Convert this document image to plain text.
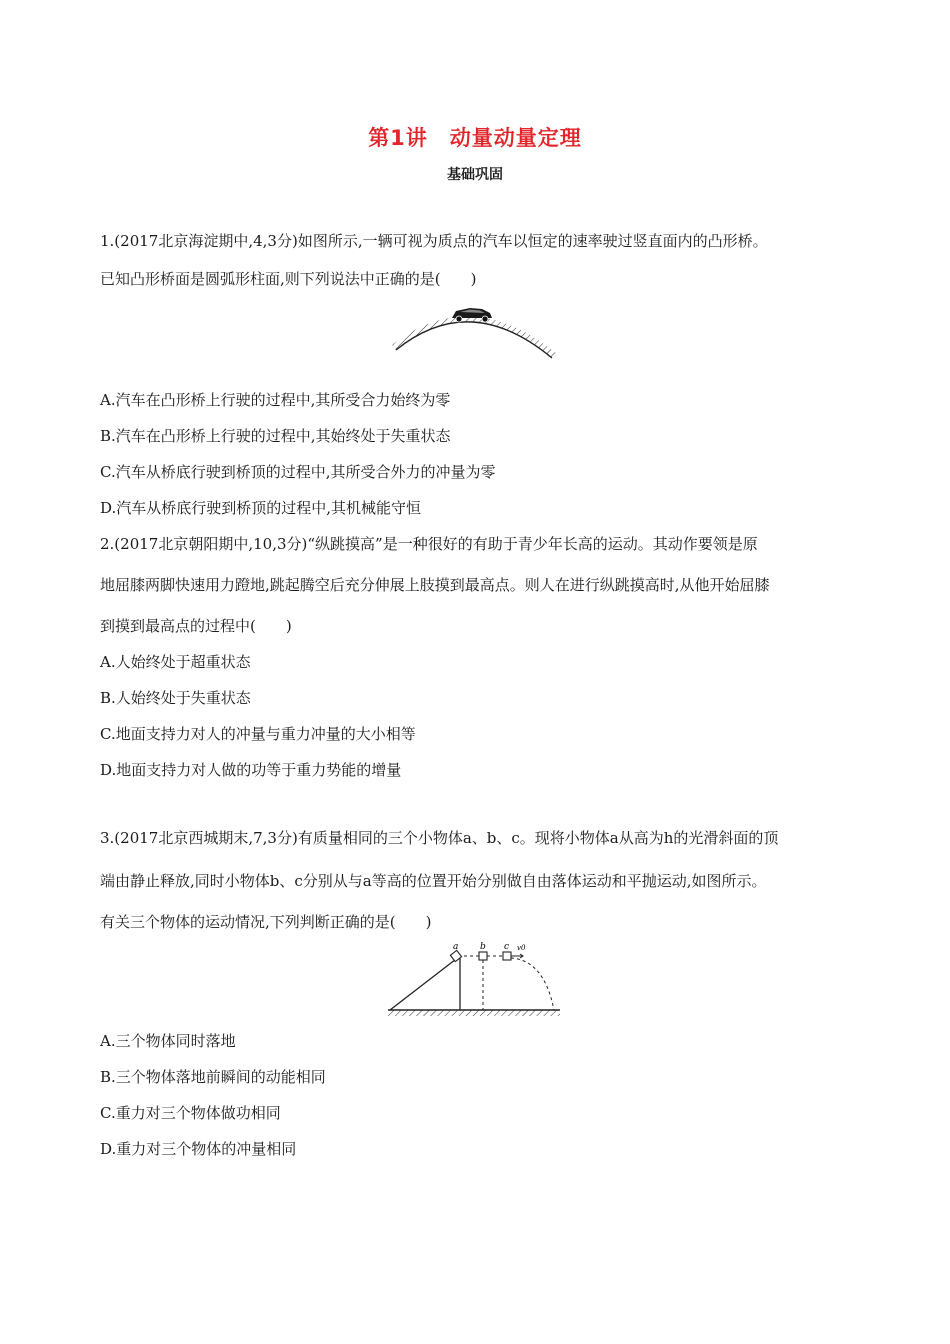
第1讲　动量动量定理
基础巩固
1.(2017北京海淀期中,4,3分)如图所示,一辆可视为质点的汽车以恒定的速率驶过竖直面内的凸形桥。
已知凸形桥面是圆弧形柱面,则下列说法中正确的是(　　)
A.汽车在凸形桥上行驶的过程中,其所受合力始终为零
B.汽车在凸形桥上行驶的过程中,其始终处于失重状态
C.汽车从桥底行驶到桥顶的过程中,其所受合外力的冲量为零
D.汽车从桥底行驶到桥顶的过程中,其机械能守恒
2.(2017北京朝阳期中,10,3分)“纵跳摸高”是一种很好的有助于青少年长高的运动。其动作要领是原
地屈膝两脚快速用力蹬地,跳起腾空后充分伸展上肢摸到最高点。则人在进行纵跳摸高时,从他开始屈膝
到摸到最高点的过程中(　　)
A.人始终处于超重状态
B.人始终处于失重状态
C.地面支持力对人的冲量与重力冲量的大小相等
D.地面支持力对人做的功等于重力势能的增量
3.(2017北京西城期末,7,3分)有质量相同的三个小物体a、b、c。现将小物体a从高为h的光滑斜面的顶
端由静止释放,同时小物体b、c分别从与a等高的位置开始分别做自由落体运动和平抛运动,如图所示。
有关三个物体的运动情况,下列判断正确的是(　　)
a b c v0
A.三个物体同时落地
B.三个物体落地前瞬间的动能相同
C.重力对三个物体做功相同
D.重力对三个物体的冲量相同
